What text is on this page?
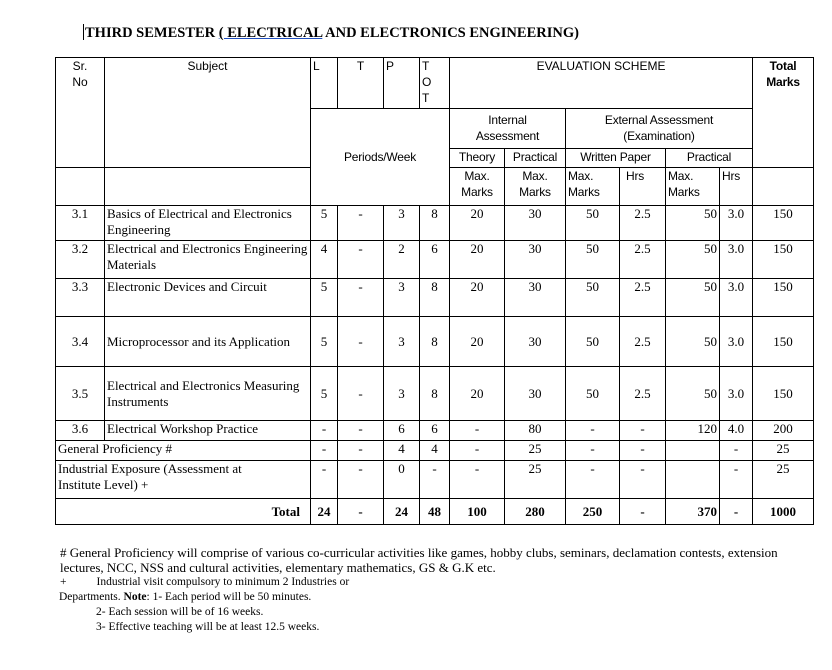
THIRD SEMESTER ( ELECTRICAL AND ELECTRONICS ENGINEERING)
Sr. No	Subject	L	T	P	T
O
T	EVALUATION SCHEME						Total Marks

		Periods/Week				Internal Assessment		External Assessment (Examination)				

						Theory	Practical	Written Paper		Practical		

						Max. Marks	Max. Marks	Max. Marks	Hrs	Max. Marks	Hrs	
3.1	Basics of Electrical and Electronics Engineering	5	-	3	8	20	30	50	2.5	50	3.0	150
3.2	Electrical and Electronics Engineering Materials	4	-	2	6	20	30	50	2.5	50	3.0	150
3.3	Electronic Devices and Circuit	5	-	3	8	20	30	50	2.5	50	3.0	150
3.4	Microprocessor and its Application	5	-	3	8	20	30	50	2.5	50	3.0	150
3.5	Electrical and Electronics Measuring Instruments	5	-	3	8	20	30	50	2.5	50	3.0	150
3.6	Electrical Workshop Practice	-	-	6	6	-	80	-	-	120	4.0	200
General Proficiency #		-	-	4	4	-	25	-	-		-	25

Industrial Exposure (Assessment at Institute Level) +		-	-	0	-	-	25	-	-		-	25
Total		24	-	24	48	100	280	250	-	370	-	1000
# General Proficiency will comprise of various co-curricular activities like games, hobby clubs, seminars, declamation contests, extension lectures, NCC, NSS and cultural activities, elementary mathematics, GS & G.K etc.
+	Industrial visit compulsory to minimum 2 Industries or
Departments. Note: 1- Each period will be 50 minutes.
2- Each session will be of 16 weeks.
3- Effective teaching will be at least 12.5 weeks.
